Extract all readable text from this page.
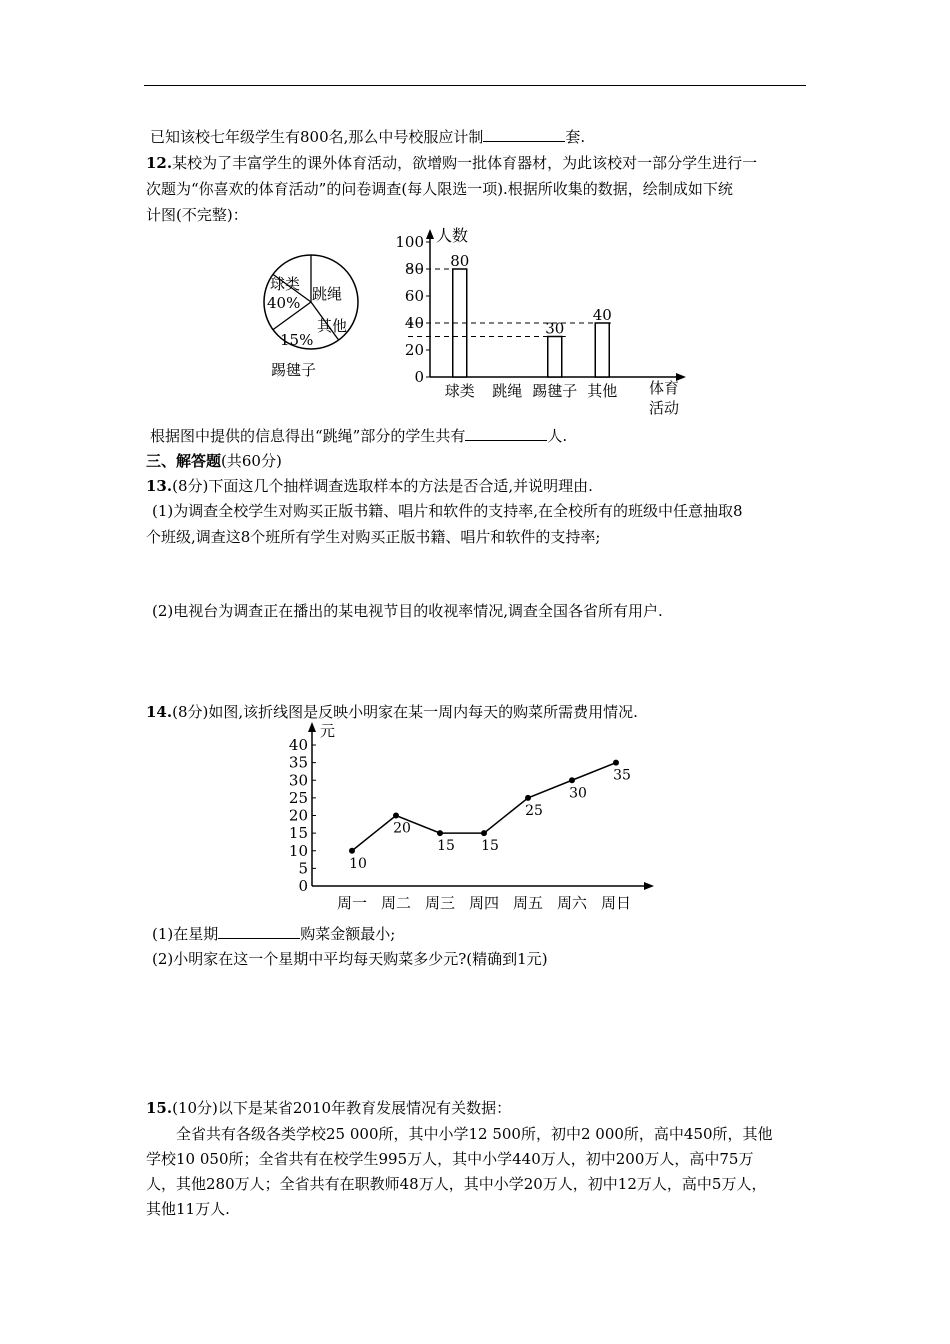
已知该校七年级学生有800名,那么中号校服应计制	套.
12.某校为了丰富学生的课外体育活动，欲增购一批体育器材，为此该校对一部分学生进行一
次题为“你喜欢的体育活动”的问卷调查(每人限选一项).根据所收集的数据，绘制成如下统
计图(不完整)：
球类
40% 跳绳
其他
15%
踢毽子
人数
体育
活动
0
20
40
60
80
100
球类
80
跳绳 踢毽子
30
其他
40
根据图中提供的信息得出“跳绳”部分的学生共有	人.
三、解答题(共60分)
13.(8分)下面这几个抽样调查选取样本的方法是否合适,并说明理由.
(1)为调查全校学生对购买正版书籍、唱片和软件的支持率,在全校所有的班级中任意抽取8
个班级,调查这8个班所有学生对购买正版书籍、唱片和软件的支持率;
(2)电视台为调查正在播出的某电视节目的收视率情况,调查全国各省所有用户.
14.(8分)如图,该折线图是反映小明家在某一周内每天的购菜所需费用情况.
元
0
5
10
15
20
25
30
35
40
10
周一
20
周二
15
周三
15
周四
25
周五
30
周六
35
周日
(1)在星期	购菜金额最小;
(2)小明家在这一个星期中平均每天购菜多少元?(精确到1元)
15.(10分)以下是某省2010年教育发展情况有关数据：
全省共有各级各类学校25 000所，其中小学12 500所，初中2 000所，高中450所，其他
学校10 050所；全省共有在校学生995万人，其中小学440万人，初中200万人，高中75万
人，其他280万人；全省共有在职教师48万人，其中小学20万人，初中12万人，高中5万人，
其他11万人.
